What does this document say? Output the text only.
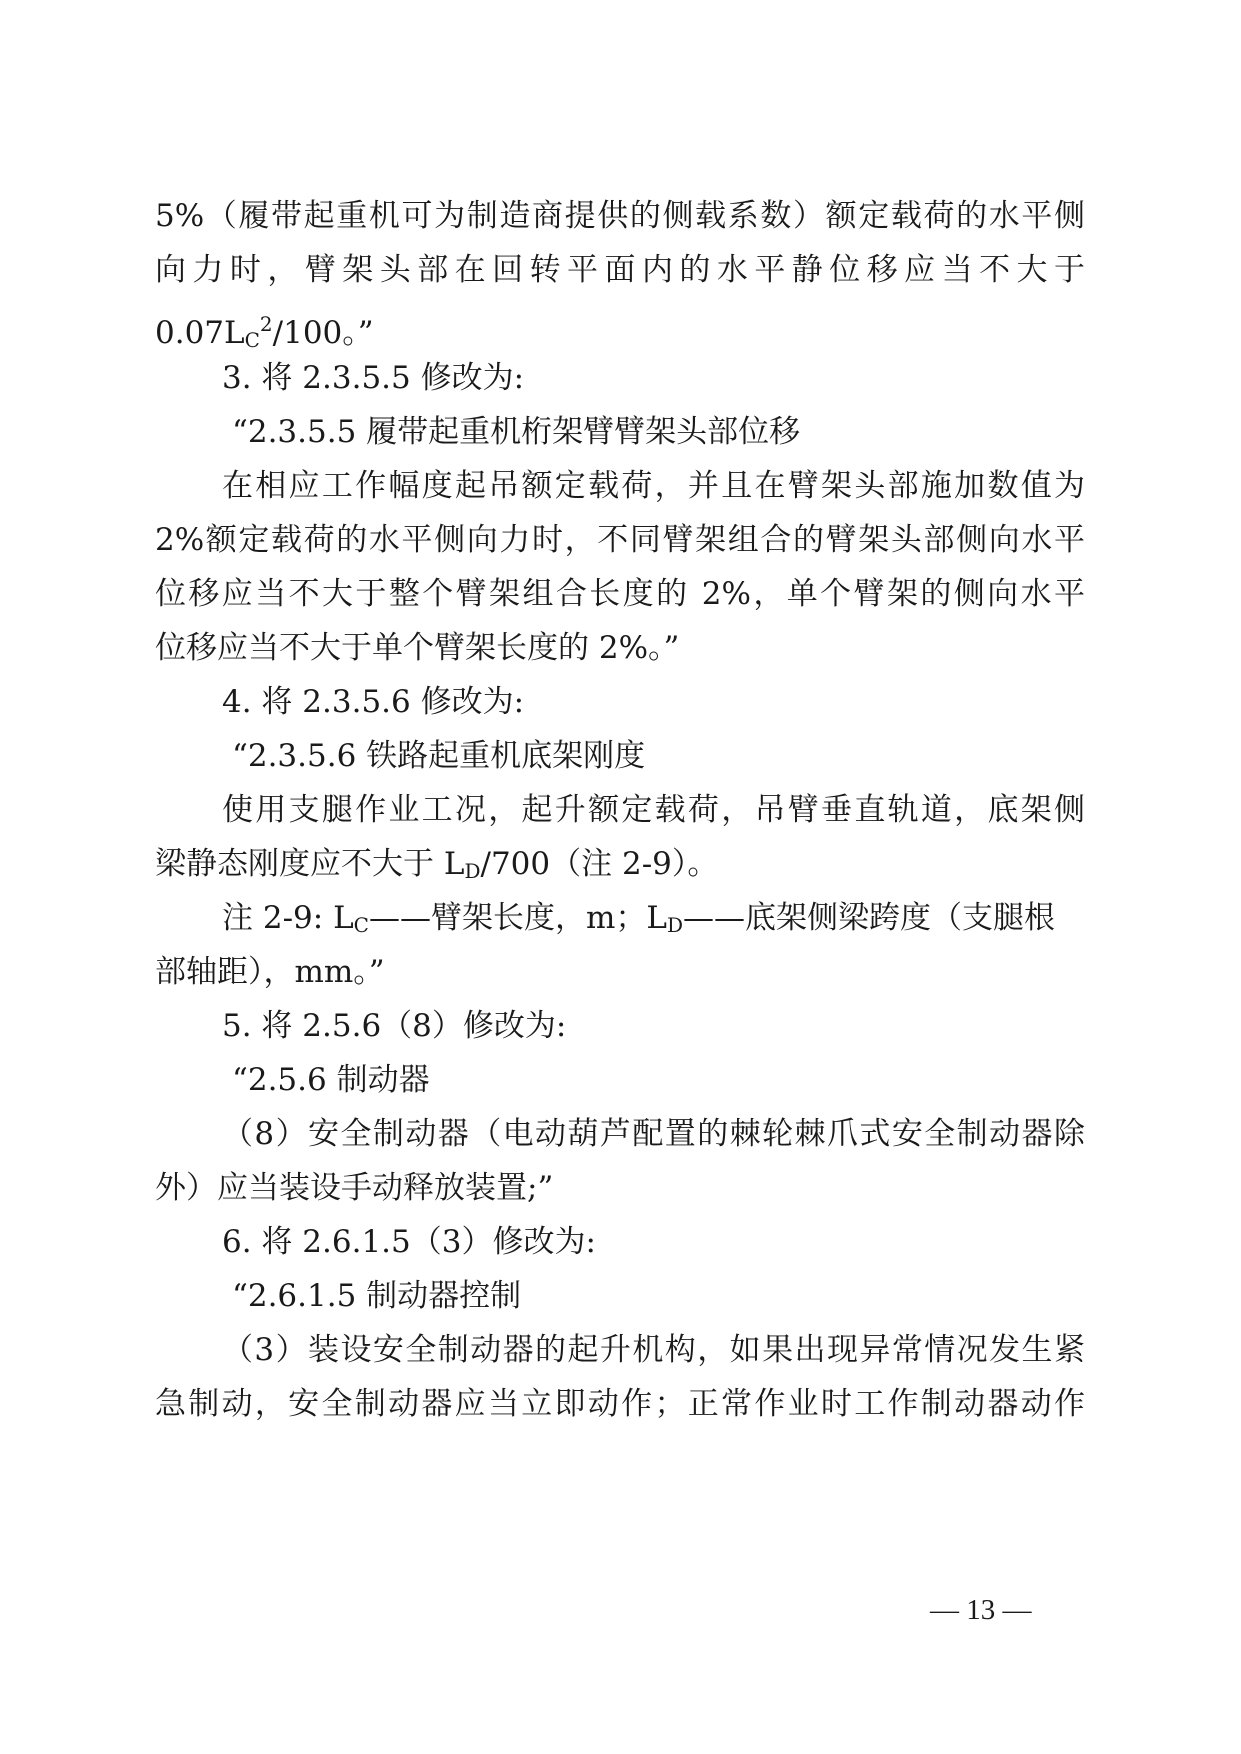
5%（履带起重机可为制造商提供的侧载系数）额定载荷的水平侧

向力时，臂架头部在回转平面内的水平静位移应当不大于

$0.07L_C^2/100$。”

3. 将 2.3.5.5 修改为:

“2.3.5.5 履带起重机桁架臂臂架头部位移

在相应工作幅度起吊额定载荷，并且在臂架头部施加数值为

2%额定载荷的水平侧向力时，不同臂架组合的臂架头部侧向水平

位移应当不大于整个臂架组合长度的 2%，单个臂架的侧向水平

位移应当不大于单个臂架长度的 2%。”

4. 将 2.3.5.6 修改为:

“2.3.5.6 铁路起重机底架刚度

使用支腿作业工况，起升额定载荷，吊臂垂直轨道，底架侧

梁静态刚度应不大于 $L_D/700$（注 2-9）。

注 2-9: $L_C——$臂架长度，m；$L_D——$底架侧梁跨度（支腿根

部轴距），mm。”

5. 将 2.5.6（8）修改为:

“2.5.6 制动器

（8）安全制动器（电动葫芦配置的棘轮棘爪式安全制动器除

外）应当装设手动释放装置;”

6. 将 2.6.1.5（3）修改为:

“2.6.1.5 制动器控制

（3）装设安全制动器的起升机构，如果出现异常情况发生紧

急制动，安全制动器应当立即动作；正常作业时工作制动器动作

— 13 —
